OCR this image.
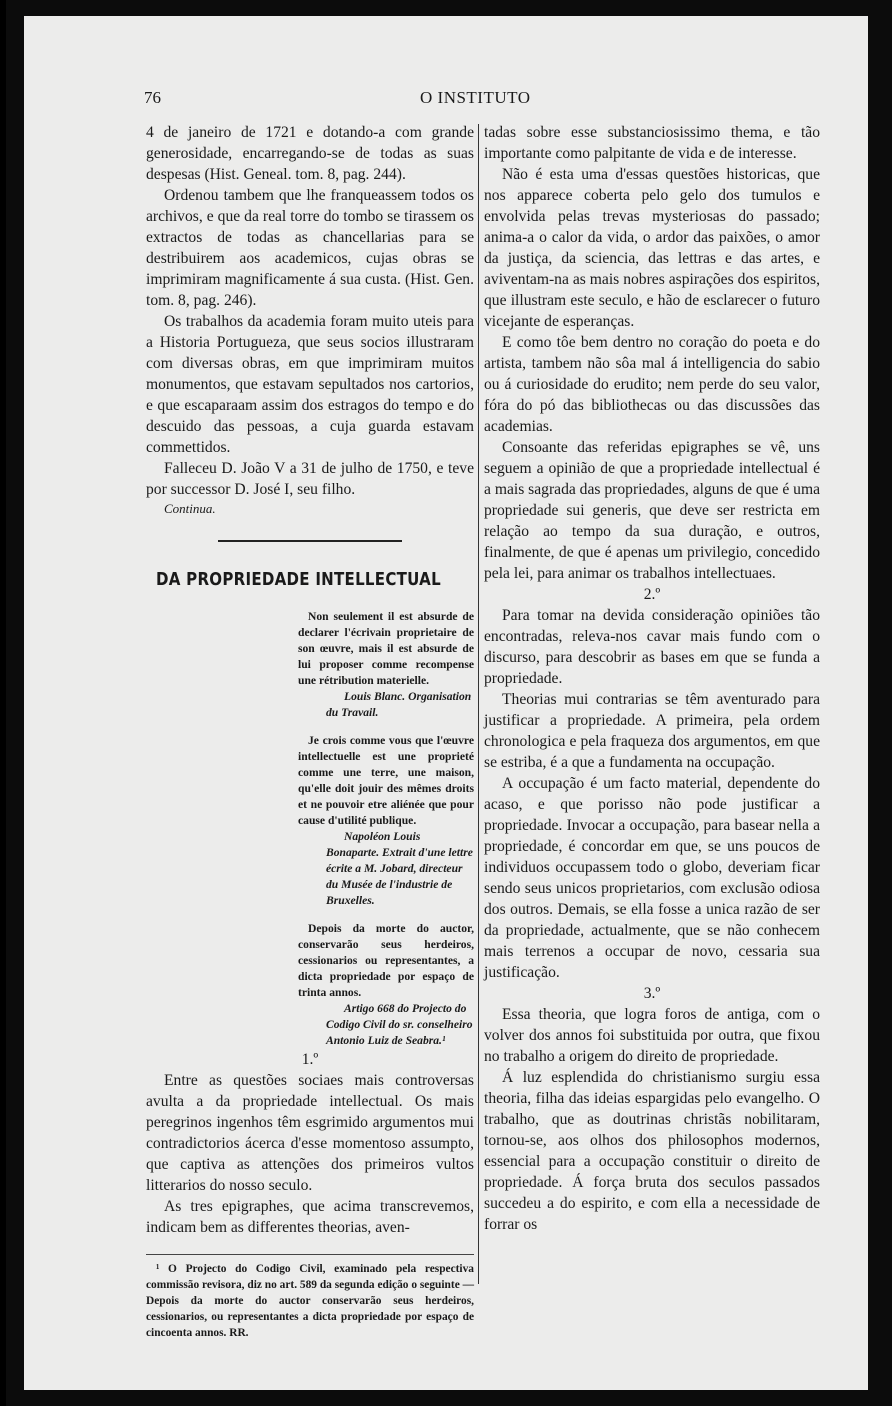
76	O INSTITUTO

4 de janeiro de 1721 e dotando-a com grande generosidade, encarregando-se de todas as suas despesas (Hist. Geneal. tom. 8, pag. 244).

Ordenou tambem que lhe franqueassem todos os archivos, e que da real torre do tombo se tirassem os extractos de todas as chancellarias para se destribuirem aos academicos, cujas obras se imprimiram magnificamente á sua custa. (Hist. Gen. tom. 8, pag. 246).

Os trabalhos da academia foram muito uteis para a Historia Portugueza, que seus socios illustraram com diversas obras, em que imprimiram muitos monumentos, que estavam sepultados nos cartorios, e que escaparaam assim dos estragos do tempo e do descuido das pessoas, a cuja guarda estavam commettidos.

Falleceu D. João V a 31 de julho de 1750, e teve por successor D. José I, seu filho.

Continua.

DA PROPRIEDADE INTELLECTUAL

Non seulement il est absurde de declarer l'écrivain proprietaire de son œuvre, mais il est absurde de lui proposer comme recompense une rétribution materielle.

Louis Blanc. Organisation du Travail.

Je crois comme vous que l'œuvre intellectuelle est une proprieté comme une terre, une maison, qu'elle doit jouir des mêmes droits et ne pouvoir etre aliénée que pour cause d'utilité publique.

Napoléon Louis Bonaparte. Extrait d'une lettre écrite a M. Jobard, directeur du Musée de l'industrie de Bruxelles.

Depois da morte do auctor, conservarão seus herdeiros, cessionarios ou representantes, a dicta propriedade por espaço de trinta annos.

Artigo 668 do Projecto do Codigo Civil do sr. conselheiro Antonio Luiz de Seabra.¹

1.º

Entre as questões sociaes mais controversas avulta a da propriedade intellectual. Os mais peregrinos ingenhos têm esgrimido argumentos mui contradictorios ácerca d'esse momentoso assumpto, que captiva as attenções dos primeiros vultos litterarios do nosso seculo.

As tres epigraphes, que acima transcrevemos, indicam bem as differentes theorias, aven-

¹ O Projecto do Codigo Civil, examinado pela respectiva commissão revisora, diz no art. 589 da segunda edição o seguinte — Depois da morte do auctor conservarão seus herdeiros, cessionarios, ou representantes a dicta propriedade por espaço de cincoenta annos. RR.

tadas sobre esse substanciosissimo thema, e tão importante como palpitante de vida e de interesse.

Não é esta uma d'essas questões historicas, que nos apparece coberta pelo gelo dos tumulos e envolvida pelas trevas mysteriosas do passado; anima-a o calor da vida, o ardor das paixões, o amor da justiça, da sciencia, das lettras e das artes, e aviventam-na as mais nobres aspirações dos espiritos, que illustram este seculo, e hão de esclarecer o futuro vicejante de esperanças.

E como tôe bem dentro no coração do poeta e do artista, tambem não sôa mal á intelligencia do sabio ou á curiosidade do erudito; nem perde do seu valor, fóra do pó das bibliothecas ou das discussões das academias.

Consoante das referidas epigraphes se vê, uns seguem a opinião de que a propriedade intellectual é a mais sagrada das propriedades, alguns de que é uma propriedade sui generis, que deve ser restricta em relação ao tempo da sua duração, e outros, finalmente, de que é apenas um privilegio, concedido pela lei, para animar os trabalhos intellectuaes.

2.º

Para tomar na devida consideração opiniões tão encontradas, releva-nos cavar mais fundo com o discurso, para descobrir as bases em que se funda a propriedade.

Theorias mui contrarias se têm aventurado para justificar a propriedade. A primeira, pela ordem chronologica e pela fraqueza dos argumentos, em que se estriba, é a que a fundamenta na occupação.

A occupação é um facto material, dependente do acaso, e que porisso não pode justificar a propriedade. Invocar a occupação, para basear nella a propriedade, é concordar em que, se uns poucos de individuos occupassem todo o globo, deveriam ficar sendo seus unicos proprietarios, com exclusão odiosa dos outros. Demais, se ella fosse a unica razão de ser da propriedade, actualmente, que se não conhecem mais terrenos a occupar de novo, cessaria sua justificação.

3.º

Essa theoria, que logra foros de antiga, com o volver dos annos foi substituida por outra, que fixou no trabalho a origem do direito de propriedade.

Á luz esplendida do christianismo surgiu essa theoria, filha das ideias espargidas pelo evangelho. O trabalho, que as doutrinas christãs nobilitaram, tornou-se, aos olhos dos philosophos modernos, essencial para a occupação constituir o direito de propriedade. Á força bruta dos seculos passados succedeu a do espirito, e com ella a necessidade de forrar os
